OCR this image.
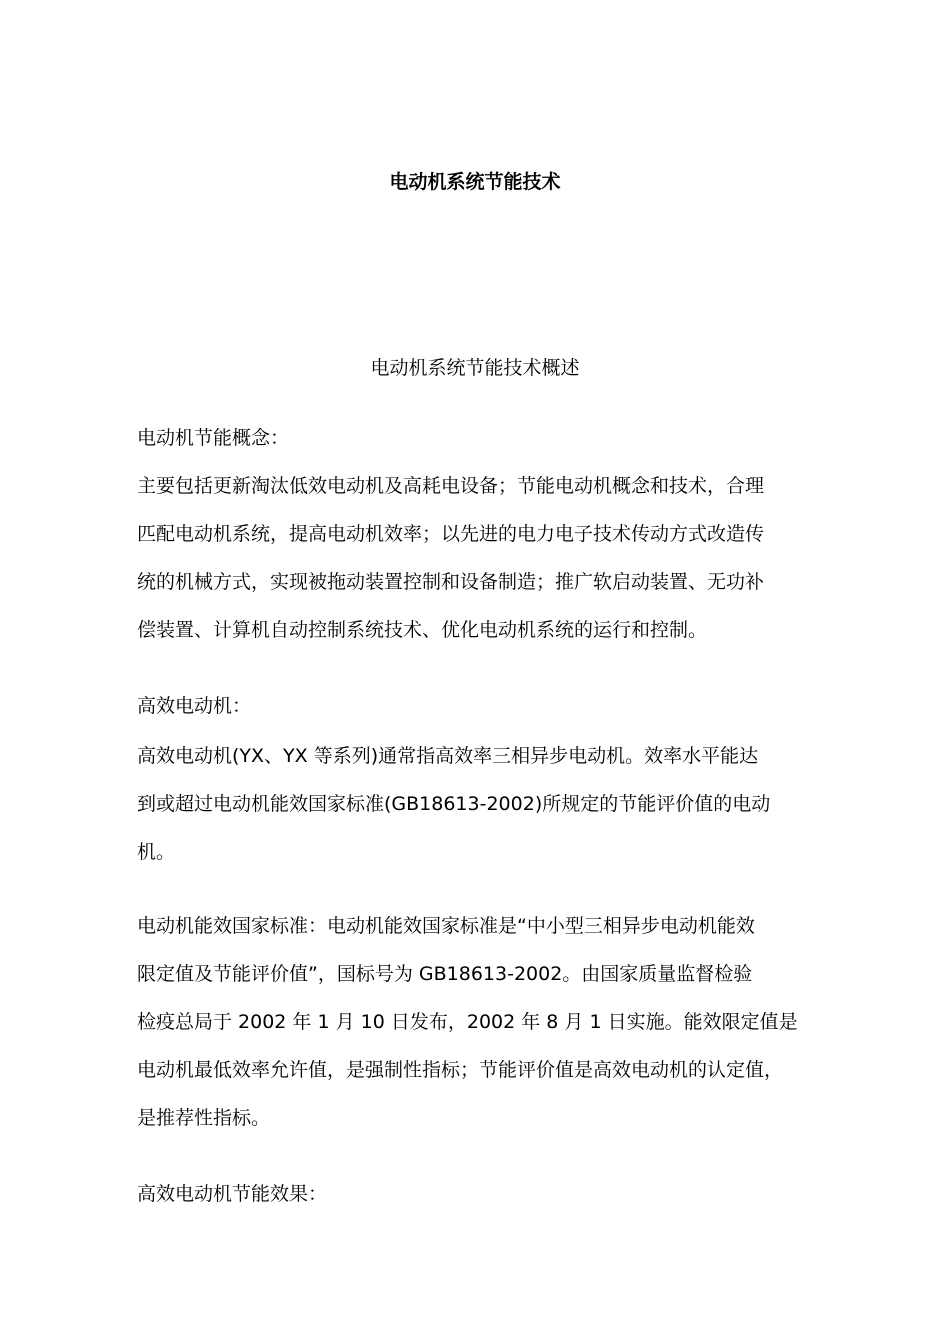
电动机系统节能技术
电动机系统节能技术概述
电动机节能概念：
主要包括更新淘汰低效电动机及高耗电设备；节能电动机概念和技术，合理
匹配电动机系统，提高电动机效率；以先进的电力电子技术传动方式改造传
统的机械方式，实现被拖动装置控制和设备制造；推广软启动装置、无功补
偿装置、计算机自动控制系统技术、优化电动机系统的运行和控制。
高效电动机：
高效电动机(YX、YX 等系列)通常指高效率三相异步电动机。效率水平能达
到或超过电动机能效国家标准(GB18613-2002)所规定的节能评价值的电动
机。
电动机能效国家标准：电动机能效国家标准是“中小型三相异步电动机能效
限定值及节能评价值”，国标号为 GB18613-2002。由国家质量监督检验
检疫总局于 2002 年 1 月 10 日发布，2002 年 8 月 1 日实施。能效限定值是
电动机最低效率允许值，是强制性指标；节能评价值是高效电动机的认定值，
是推荐性指标。
高效电动机节能效果：
